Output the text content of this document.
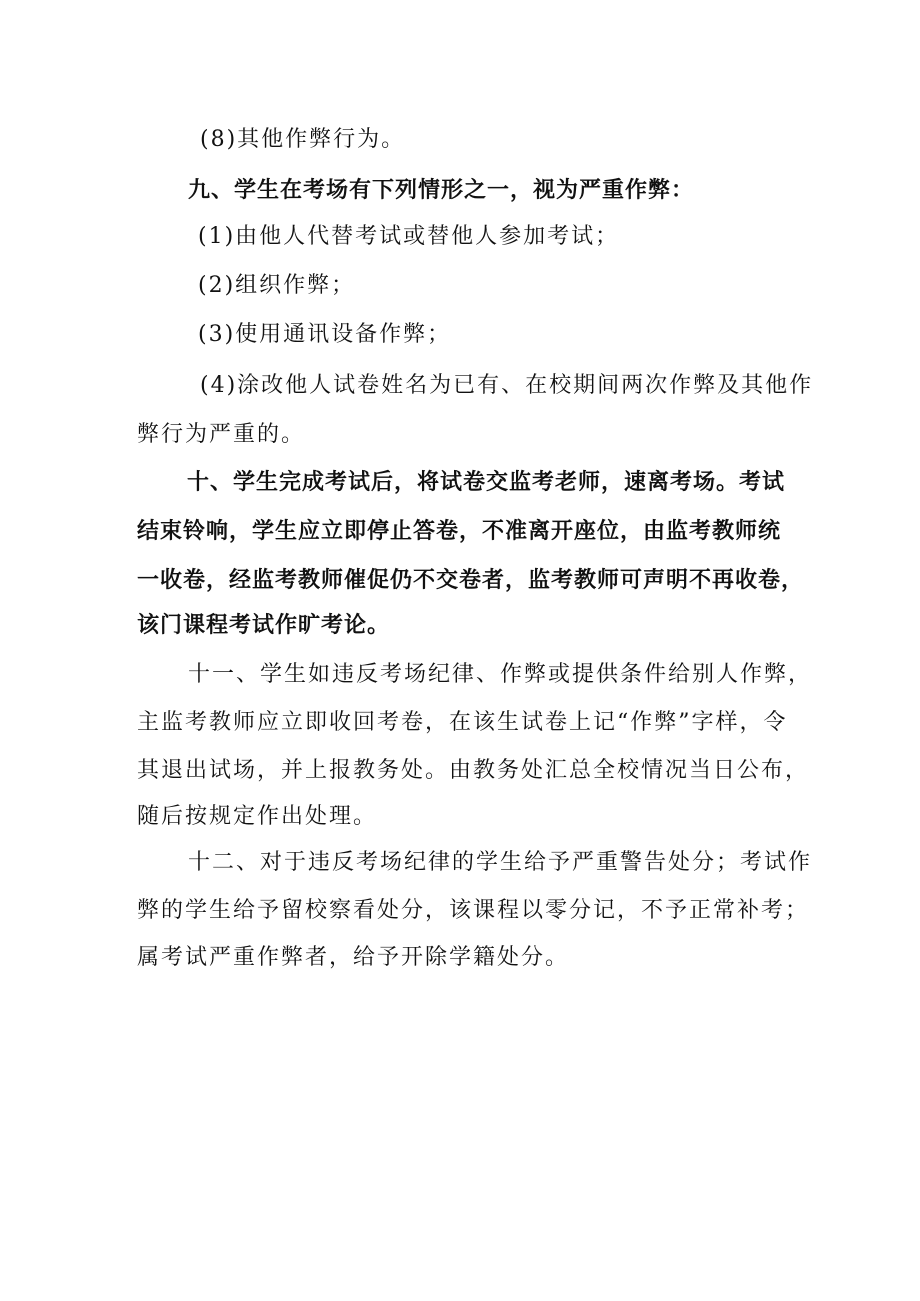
(8)其他作弊行为。
九、学生在考场有下列情形之一，视为严重作弊：
(1)由他人代替考试或替他人参加考试；
(2)组织作弊；
(3)使用通讯设备作弊；
(4)涂改他人试卷姓名为已有、在校期间两次作弊及其他作
弊行为严重的。
十、学生完成考试后，将试卷交监考老师，速离考场。考试
结束铃响，学生应立即停止答卷，不准离开座位，由监考教师统
一收卷，经监考教师催促仍不交卷者，监考教师可声明不再收卷，
该门课程考试作旷考论。
十一、学生如违反考场纪律、作弊或提供条件给别人作弊，
主监考教师应立即收回考卷，在该生试卷上记“作弊”字样，令
其退出试场，并上报教务处。由教务处汇总全校情况当日公布，
随后按规定作出处理。
十二、对于违反考场纪律的学生给予严重警告处分；考试作
弊的学生给予留校察看处分，该课程以零分记，不予正常补考；
属考试严重作弊者，给予开除学籍处分。
